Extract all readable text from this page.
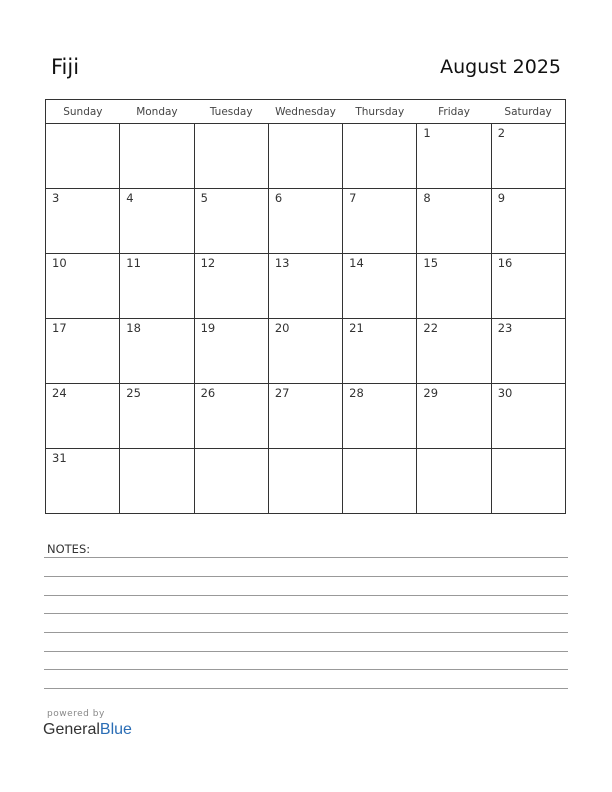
Fiji	August 2025
Sunday	Monday	Tuesday	Wednesday	Thursday	Friday	Saturday

					1	2

3	4	5	6	7	8	9

10	11	12	13	14	15	16

17	18	19	20	21	22	23

24	25	26	27	28	29	30

31						

NOTES:
powered by
GeneralBlue
